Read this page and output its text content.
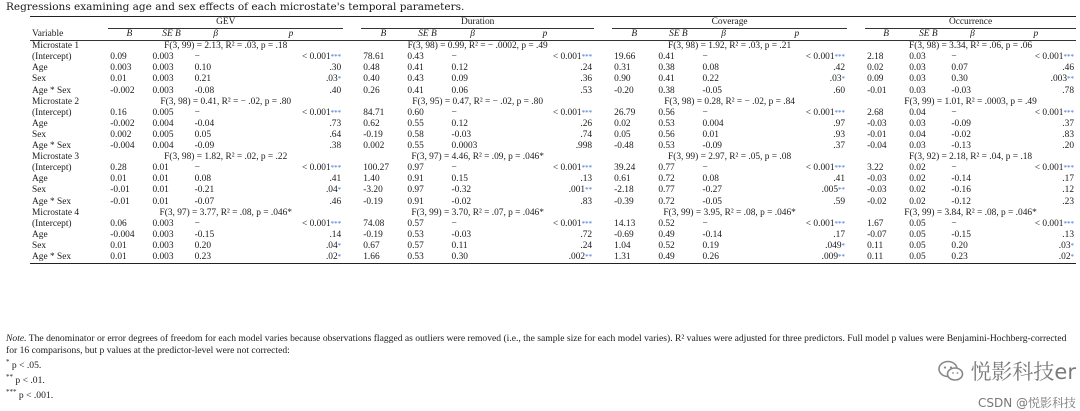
Regressions examining age and sex effects of each microstate's temporal parameters.
	GEV					Duration					Coverage					Occurrence			
Variable	B	SE B	β	p		B	SE B	β	p		B	SE B	β	p		B	SE B	β	p
Microstate 1	F(3, 99) = 2.13, R² = .03, p = .18					F(3, 98) = 0.99, R² = − .0002, p = .49					F(3, 98) = 1.92, R² = .03, p = .21					F(3, 98) = 3.34, R² = .06, p = .06			
(Intercept)	0.09	0.003	−	< 0.001***		78.61	0.43	−	< 0.001***		19.66	0.41	−	< 0.001***		2.18	0.03	−	< 0.001***
Age	0.003	0.003	0.10	.30		0.48	0.41	0.12	.24		0.31	0.38	0.08	.42		0.02	0.03	0.07	.46
Sex	0.01	0.003	0.21	.03*		0.40	0.43	0.09	.36		0.90	0.41	0.22	.03*		0.09	0.03	0.30	.003**
Age * Sex	-0.002	0.003	-0.08	.40		0.26	0.41	0.06	.53		-0.20	0.38	-0.05	.60		-0.01	0.03	-0.03	.78
Microstate 2	F(3, 98) = 0.41, R² = − .02, p = .80					F(3, 95) = 0.47, R² = − .02, p = .80					F(3, 98) = 0.28, R² = − .02, p = .84					F(3, 99) = 1.01, R² = .0003, p = .49			
(Intercept)	0.16	0.005	−	< 0.001***		84.71	0.60	−	< 0.001***		26.79	0.56	−	< 0.001***		2.68	0.04	−	< 0.001***
Age	-0.002	0.004	-0.04	.73		0.62	0.55	0.12	.26		0.02	0.53	0.004	.97		-0.03	0.03	-0.09	.37
Sex	0.002	0.005	0.05	.64		-0.19	0.58	-0.03	.74		0.05	0.56	0.01	.93		-0.01	0.04	-0.02	.83
Age * Sex	-0.004	0.004	-0.09	.38		0.002	0.55	0.0003	.998		-0.48	0.53	-0.09	.37		-0.04	0.03	-0.13	.20
Microstate 3	F(3, 98) = 1.82, R² = .02, p = .22					F(3, 97) = 4.46, R² = .09, p = .046*					F(3, 99) = 2.97, R² = .05, p = .08					F(3, 92) = 2.18, R² = .04, p = .18			
(Intercept)	0.28	0.01	−	< 0.001***		100.27	0.97	−	< 0.001***		39.24	0.77	−	< 0.001***		3.22	0.02	−	< 0.001***
Age	0.01	0.01	0.08	.41		1.40	0.91	0.15	.13		0.61	0.72	0.08	.41		-0.03	0.02	-0.14	.17
Sex	-0.01	0.01	-0.21	.04*		-3.20	0.97	-0.32	.001**		-2.18	0.77	-0.27	.005**		-0.03	0.02	-0.16	.12
Age * Sex	-0.01	0.01	-0.07	.46		-0.19	0.91	-0.02	.83		-0.39	0.72	-0.05	.59		-0.02	0.02	-0.12	.23
Microstate 4	F(3, 97) = 3.77, R² = .08, p = .046*					F(3, 99) = 3.70, R² = .07, p = .046*					F(3, 99) = 3.95, R² = .08, p = .046*					F(3, 99) = 3.84, R² = .08, p = .046*			
(Intercept)	0.06	0.003	−	< 0.001***		74.08	0.57	−	< 0.001***		14.13	0.52	−	< 0.001***		1.67	0.05	−	< 0.001***
Age	-0.004	0.003	-0.15	.14		-0.19	0.53	-0.03	.72		-0.69	0.49	-0.14	.17		-0.07	0.05	-0.15	.13
Sex	0.01	0.003	0.20	.04*		0.67	0.57	0.11	.24		1.04	0.52	0.19	.049*		0.11	0.05	0.20	.03*
Age * Sex	0.01	0.003	0.23	.02*		1.66	0.53	0.30	.002**		1.31	0.49	0.26	.009**		0.11	0.05	0.23	.02*
Note. The denominator or error degrees of freedom for each model varies because observations flagged as outliers were removed (i.e., the sample size for each model varies). R² values were adjusted for three predictors. Full model p values were Benjamini-Hochberg-corrected for 16 comparisons, but p values at the predictor-level were not corrected:
* p < .05.
** p < .01.
*** p < .001.
悦影科技er
CSDN @悦影科技
